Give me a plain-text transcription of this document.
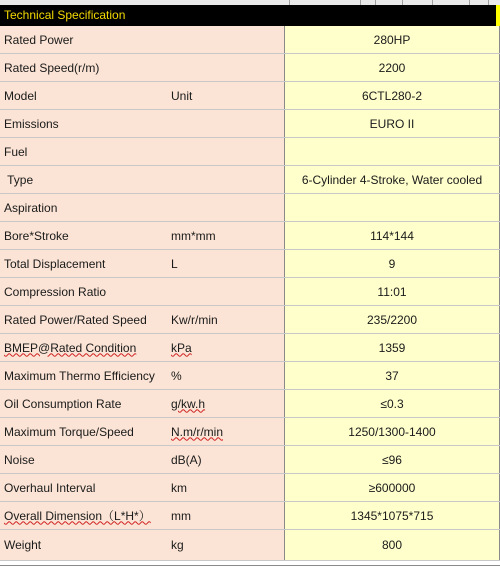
Technical Specification
Rated Power		280HP
Rated Speed(r/m)		2200
Model	Unit	6CTL280-2
Emissions		EURO II
Fuel		
Type		6-Cylinder 4-Stroke, Water cooled
Aspiration		
Bore*Stroke	mm*mm	114*144
Total Displacement	L	9
Compression Ratio		11:01
Rated Power/Rated Speed	Kw/r/min	235/2200
BMEP@Rated Condition	kPa	1359
Maximum Thermo Efficiency	%	37
Oil Consumption Rate	g/kw.h	≤0.3
Maximum Torque/Speed	N.m/r/min	1250/1300-1400
Noise	dB(A)	≤96
Overhaul Interval	km	≥600000
Overall Dimension（L*H*）	mm	1345*1075*715
Weight	kg	800
